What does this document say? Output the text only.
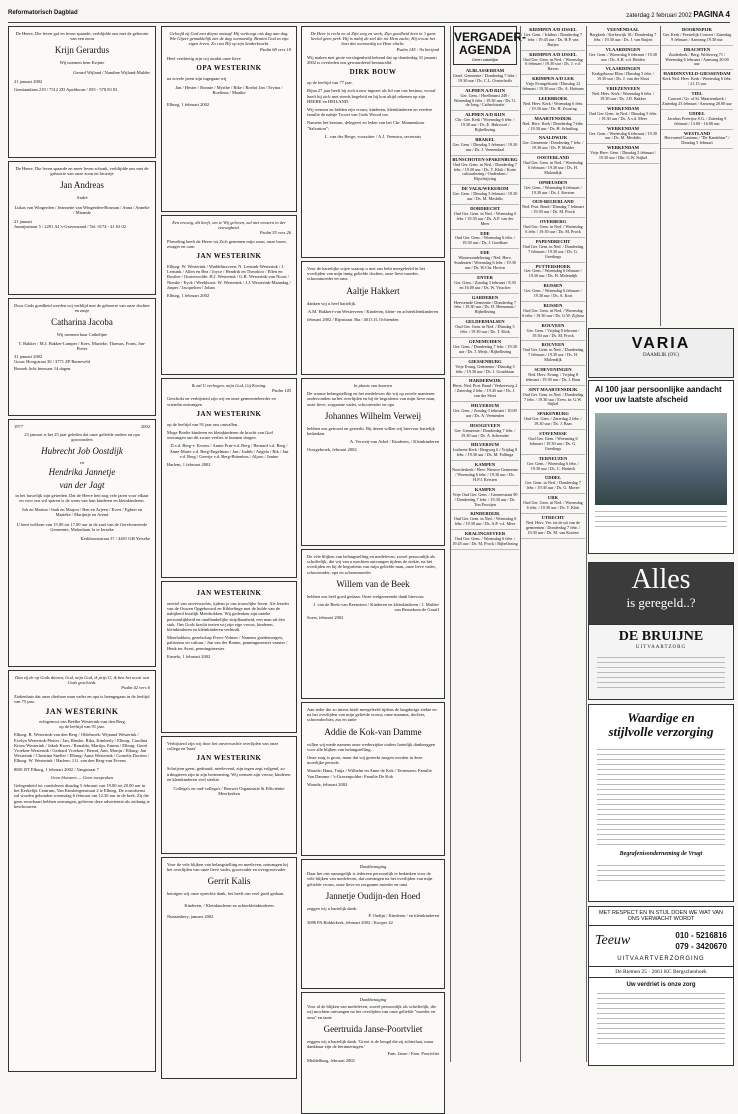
Reformatorisch Dagblad	zaterdag 2 februari 2002 PAGINA 4
De Heere, Die leven gaf en leven spaarde, verblijdde ons met de geboorte van een zoon
Krijn Gerardus
Wij noemen hem Krijnie
Gerard Wijland / Nandine Wijland-Mulder
21 januari 2002
Gentiaanlaan 219 / 7312 ZD Apeldoorn / 055 - 578 83 03
De Heere, Die leven spaarde en meer leven schonk, verblijdde ons met de geboorte van onze zoon en broertje
Jan Andreas
André
Lukas van Wingerden / Jeannette van Wingerden-Bosman / Anna / Annelie / Mirande
21 januari
Jasmijnstraat 5 / 2291 AJ 's-Gravenzand / Tel. 0174 - 41 63 02
Door Gods goedheid werden wij verblijd met de geboorte van onze dochter en zusje
Catharina Jacoba
Wij noemen haar Cathelijne
T. Bakker / M.J. Bakker-Lamper / Kees, Marieke, Thomas, Frans, Jan-Pieter
31 januari 2002
Gouw Hoogstraat 30 / 3771 ZP Barneveld
Bezoek licht bezwaar 14 dagen.
1977	2002
23 januari is het 25 jaar geleden dat onze geliefde ouders en opa grootouders
Hubrecht Job Oostdijk
en
Hendrika Jannetje
van der Jagt
in het huwelijk zijn getreden. Dat de Heere hen nog vele jaren voor elkaar en voor ons wil sparen is de wens van hun kinderen en kleinkinderen.
Joh en Marina / Inab en Marjon / Ben en Arjeen / Evert / Egbert en Marieke / Marijntje en Arend
U bent welkom van 15.00 tot 17.00 uur in de zaal van de Gereformeerde Gemeente, Molenlaan 1a te Ierseke
Kerkbooststraat 37 / 4401 GH Yerseke
Dan zij de op Gods dienen, God, mijn God, ik prijs U, ik ben het nooit wat Gods geschiedt.
Psalm 42 vers 6
Ziekenhuis dat onze dierbare man vader en opa is heengegaan in de leeftijd van 75 jaar.
JAN WESTERINK
echtgenoot van Beelke Westerink-van den Berg
op de leeftijd van 91 jaar.
Elburg: B. Westerink-van den Berg / Oldebroek: Wijnand Westerink / Evelyn Westerink-Pleiter / Jan, Rinske, Rika, Kimberly / Elburg: Carolina Kroes-Westerink / Jakob Kroes / Ronaldo, Martijn, Emma / Elburg: Gerrit Vroeken-Westerink / Gerhard Vroeken / Bernd, Ann, Marijn / Elburg: Jan Westerink / Christina Sneller / Elburg: Anna Westerink / Cornelis Dorrien / Elburg: W. Westerink / Harlem: J.G. van den Berg-van Ervens
8081 BT Elburg, 1 februari 2002 / Vangstraat 7
Geen bloemen — Geen toespraken
Gelegenheid tot condoleren dinsdag 5 februari van 19.00 tot 20.00 uur in het Kerkelijk Centrum, Van Kinsbergenstraat 2 te Elburg. De rouwdienst zal worden gehouden woensdag 6 februari om 12.30 uur in de kerk. Zij die geen rouwkaart hebben ontvangen, gelieven deze advertentie als zodanig te beschouwen.
Geloofd zij God met diepst ontzag! Hij verhoogt ons dag aan dag. Wie Gijzer gemakkelijk ziet de dag ootmoedig. Bemint God zo zijn eigen leven. Zo rust Hij op zijn kinderkracht.
Psalm 68 vers 10
Heel verdrietig zijn wij omdat onze lieve
OPA WESTERINK
na zovele jaren zijn ingegaan wij
Jan / Hester / Ronnie / Myrthe / Rike / Roelof Jan / Ervina / Roeliena / Maaike
Elburg, 1 februari 2002
Een eeuwig, dit heeft, om te Wij geloven, zal met eeuwen in der eeuwigheid.
Psalm 55 vers 26
Plotseling heeft de Heere tot Zich genomen mijn zoon, onze broer, zwager en oom
JAN WESTERINK
Elburg: W. Westerink / Wadddinxveen: N. Lensink-Westerink / J. Lensink / Allen en Bea / Joyce / Hendrik en Theodoor / Ellen en Rosilee / Oosterwolde: H.J. Westerink / G.B. Westerink-van Noort / Nienke / Eyck / Weekhorst: W. Westerink / J.J. Westerink-Maandag / Jasper / Jacquelien / Johan
Elburg, 1 februari 2002
Ik zal U verhogen, mijn God, Gij Koning.
Psalm 145
Geschokt en verbijsterd zijn wij en onze gemeenteleerder en vriendin ontvangen
JAN WESTERINK
op de leeftijd van 91 jaar ons ontvallen.
Moge Boelie kinderen en kleinkinderen de kracht van God ontvangen om dit zware verlies te kunnen dragen.
D.v.d. Berg-v. Ervens / Annie Prin-v.d. Berg / Bernard v.d. Berg / Anne-Marie v.d. Berg-Engelman / Jan / Judith / Angela / Rik / Jan v.d. Berg / Geertje v.d. Berg-Bittenbos / Aljaro / Janine
Harlem, 1 februari 2002
JAN WESTERINK
ontviel ons onverwachts, tijdens je ons trouwlijke leven. Als leerder van de Ouwen Opgebouwd en Kibbelinge met de hulde van de nabijheid kwalijk Meerhokken. Wij gedenken zijn unieke persoonlijkheid en onafhankelijke strijdbaarheid, een man uit één stuk. Ons Gods kracht tezien wij zijn eige vrouw, kinderen, kleinkinderen en kleinkinderen verbindt.
Meerhokken, gezelschap Frevo-Volmer / Namens goedemorgen, palisterus en cultuur / Jan van der Ronne, penningmeester vaaster / Henk ter Avest, penningmeester
Ermelo, 1 februari 2002
Verbijsterd zijn wij door het onverwachte overlijden van onze collega en 'baas'
JAN WESTERINK
Schrijven geest, gedraaid, meelevend, zijn tegen zegt volgend, zo tribugieren zijn in zijn herinnering. Wij wensen zijn vrouw, kinderen en kleinkinderen veel sterkte.
Collega's en oud-collega's / Bouwer Organisatie & Efficiëntie Meerkerken
Voor de vele blijken van belangstelling en meeleven, ontvangen bij het overlijden van onze lieve vader, grootvader en overgrootvader
Gerrit Kalis
betuigen wij onze oprechte dank, het heeft ons veel goed gedaan.
Kinderen, / Kleinkinderen en achterkleinkinderen
Nunsanbery, januari 2002
De Heer is recht en al Zijn weg en werk, Zijn goedheid kent in 't gans heelal geen perk. Hij is nabij de ziel die tot Hem zucht; Hij troost het hart dat ootmoedig tot Hem vlucht.
Psalm 145 : 9a berijmd
Wij maken met grote verslagenheid bekend dat op donderdag 31 januari 2002 is overleden ons gewaardeerd bestuurslid
DIRK BOUW
op de leeftijd van 77 jaar.
Bijna 27 jaar heeft hij zich trouw ingezet als lid van ons bestuur, vooral heeft hij zich met steeds begeleid en hij kon altijd rekenen op zijn HEERE en HEILAND.
Wij wensen en bidden zijn vrouw, kinderen, kleinkinderen en verdere familie de nabije Troost van Gods Woord toe.
Namens het bestuur, delegeert en leden van het Chr. Mannenkoor "Salvation":
L. van der Berge, voorzitter / A.J. Veenstra, secretaris
Voor de hartelijke wijze waarop u met ons hebt meegeleefd in het overlijden van mijn innig geliefde dochter, onze lieve moeder, schoonmoeder en oma
Aaltje Hakkert
danken wij u heel hartelijk.
A.M. Hakkert-van Westerveen / Kinderen, klein- en achterkleinkinderen
februari 2002 / Rijnstraat 36a / 4013 JL Ochtenden
In plaats van kaarten
De warme belangstelling en het medeleven die wij op zovele manieren ondervonden na het overlijden en bij de begrafenis van mijn lieve man, onze lieve, zorgzame vader, schoonvader en opa
Johannes Wilhelm Verweij
hebben ons getroost en gesterkt. Bij dezen willen wij hiervoor hartelijk bedanken.
A. Verweij-van Arkel / Kinderen, / Kleinkinderen
Oostgebroek, februari 2002
De vele blijken van belangstelling en medeleven, zowel persoonlijk als schriftelijk, die wij van u mochten ontvangen tijdens de ziekte, na het overlijden en bij de begrafenis van mijn geliefde man, onze lieve vader, schoonvader, opa en schoonmoeder
Willem van de Beek
hebben ons heel goed gedaan. Onze welgemeende dank hiervoor.
J. van de Beek-van Reenstern / Kinderen en kleinkinderen / J. Mulder van Beusekom de Graaff
Soest, februari 2002
Aan ieder die zo intens heeft meegeleefd tijdens de langdurige ziekte en na het overlijden van mijn geliefde vrouw, onze mamma, dochter, schoondochter, zus en tante
Addie de Kok-van Damme
willen wij mede namens onze wederzijdse ouders hartelijk dankzeggen voor alle blijken van belangstelling.
Onze zorg is groot, maar dat wij gesterkt mogen worden in deze moeilijke periode.
Waarde: Hans, Tanja / Wilhelm en Anne de Kok / Terneuzen: Familie Van Damme / 's-Gravenpolder: Familie De Kok
Waarde, februari 2002
Dankbetuiging
Daar het ons onmogelijk is iedereen persoonlijk te bedanken voor de vele blijken van medeleven, dat ontvangen na het overlijden van mijn geliefde vrouw, onze lieve en zorgzame moeder en oma
Jannetje Oudijn-den Hoed
zeggen wij u hartelijk dank.
P. Oudijn / Kinderen / en kleinkinderen
3086 PA Ridderkerk, februari 2002 / Kooper 42
Dankbetuiging
Voor al de blijken van medeleven, zowel persoonlijk als schriftelijk, die wij mochten ontvangen na het overlijden van onze geliefde "moeder en oma" en tante
Geertruida Janse-Poortvliet
zeggen wij u hartelijk dank. 'Groot is de heugd die zij achterlaat, maar dankbaar zijn de herinneringen.'
Fam. Janse / Fam. Poortvliet
Middelburg, februari 2002
VERGADER-AGENDA
Geen zakelijke
ALBLASSERDAM
Geref. Gemeente / Donderdag 7 febr. / 19.30 uur / Ds. C.L. Oosterhoffs
ALPHEN A/D RIJN
Ger. Gem. / Hoefbrunst 249 / Woensdag 6 febr. / 19.30 uur / Ds. G. de Jong / Cathechisatie
ALPHEN A/D RIJN
Chr. Ger. Kerk / Woensdag 6 febr. / 19.30 uur / Ds. E. Hakvoort / Bijbellezing
BRAKEL
Ger. Gem. / Dinsdag 5 februari / 19.30 uur / Ds. J. Veenendaal
BUNSCHOTEN-SPAKENBURG
Oud Ger. Gem. in Ned. / Donderdag 7 febr. / 19.30 uur / Ds. T. Klok / Korte cultuurlezing / Ouderdom / Rijschrijving
DE VALK/WEKEROM
Ger. Gem. / Dinsdag 5 februari / 19.30 uur / Ds. M. Mesbilis
DORDRECHT
Oud Ger. Gem. in Ned. / Woensdag 6 febr. / 19.30 uur / Ds. A.P. van der Meer
EDE
Oud Ger. Gem. / Woensdag 6 febr. / 19.30 uur / Ds. J. Goedhart
EDE
Winterzondelezing / Ned. Herv. Studenten / Woensdag 6 febr. / 19.30 uur / Ds. W.Chr. Hovius
ENTER
Ger. Gem. / Zondag 3 februari / 8.30 en 16.00 uur / Ds. W. Visscher
GARDEREN
Hervormde Gemeente / Donderdag 7 febr. / 19.30 uur / Ds. D. Hermanus / Bijbellezing
GELDERMALSEN
Oud Ger. Gem. in Ned. / Dinsdag 5 febr. / 19.30 uur / Ds. T. Klok
GENEMUIDEN
Ger. Gem. / Donderdag 7 febr. / 19.30 uur / Ds. J. Meijs / Bijbellezing
GIESSENBURG
Vrije Evang. Gemeente / Dinsdag 5 febr. / 19.30 uur / Ds. J. Goudriaan
HARDERWIJK
Herst. Ned. Prot. Bond / Verkeerweg 2 / Zaterdag 2 febr. / 19.45 uur / Ds. J. van der Sloot
HILVERSUM
Ger. Gem. / Zondag 3 februari / 10.00 uur / Ds. A. Vermeulen
HOOGEVEEN
Ger. Gemeente / Donderdag 7 febr. / 19.30 uur / Ds. A. Schreuder
HILVERSUM
Lutherse Kerk / Bergweg 6 / Vrijdag 8 febr. / 19.30 uur / Ds. M. Fallinga
KAMPEN
Noorderkerk / Herv. Nieuwe Gemeente / Woensdag 6 febr. / 19.30 uur / Ds. H.P.J. Kersten
KAMPEN
Vrije Oud Ger. Gem. / Groenestraat 90 / Donderdag 7 febr. / 19.30 uur / Ds. Ton Prooijen
KINDERDIJK
Oud Ger. Gem. in Ned. / Woensdag 6 febr. / 19.30 uur / Ds. A.P. v.d. Meer
KRALINGSEVEER
Oud Ger. Gem. / Woensdag 6 febr. / 19.45 uur / Ds. M. Prock / Bijbellezing
KRIMPEN A/D IJSSEL
Ger. Gem. / Ichthus / Donderdag 7 febr. / 19.45 uur / Ds. H.P. van Ruijen
KRIMPEN A/D IJSSEL
Oud Ger. Gem. in Ned. / Woensdag 6 februari / 19.30 uur / Ds. J. v.d. Haven
KRIMPEN A/D LEK
Vrije Evangelisatie / Dinsdag 12 februari / 19.30 uur / Ds. A. Hofman
LEERBROEK
Ned. Herv. Kerk / Woensdag 6 febr. / 19.30 uur / Ds. H. Zwaring
MAARTENSDIJK
Ned. Herv. Kerk / Donderdag 7 febr. / 19.30 uur / Ds. H. Schuiling
NAALDWIJK
Ger. Gemeente / Donderdag 7 febr. / 19.30 uur / Ds. P. Mulder
OOSTERLAND
Oud Ger. Gem. in Ned. / Woensdag 6 februari / 19.30 uur / Ds. H. Molendijk
OPHEUSDEN
Ger. Gem. / Woensdag 6 februari / 19.30 uur / Ds. J. Kersten
OUD-BEIJERLAND
Ned. Prot. Bond / Dinsdag 7 februari / 19.30 uur / Ds. M. Prock
OVERBERG
Oud Ger. Gem. in Ned. / Woensdag 6 febr. / 19.30 uur / Ds. M. Prock
PAPENDRECHT
Oud Ger. Gem. in Ned. / Donderdag 7 februari / 19.30 uur / Ds. G. Geerlings
PUTTERSHOEK
Ger. Gem. / Woensdag 6 februari / 19.30 uur / Ds. H. Molendijk
RIJSSEN
Ger. Gem. / Woensdag 6 februari / 19.30 uur / Ds. A. Kort
RIJSSEN
Oud Ger. Gem. in Ned. / Woensdag 6 febr. / 19.30 uur / Ds. G.W. Zijlstra
ROUVEEN
Ger. Gem. / Vrijdag 8 februari / 19.30 uur / Ds. M. Prock
ROUVEEN
Oud Ger. Gem. in Ned. / Donderdag 7 februari / 19.30 uur / Ds. H. Molendijk
SCHEVENINGEN
Ned. Herv. Evang. / Vrijdag 8 februari / 19.30 uur / Ds. J. Baas
SINT MAARTENSDIJK
Oud Ger. Gem. in Ned. / Donderdag 7 febr. / 19.30 uur / Eerw. hr. G.W. Stijkel
SPAKENBURG
Oud Ger. Gem. / Zaterdag 2 febr. / 19.30 uur / Ds. J. Baas
STAVENISSE
Oud Ger. Gem. / Woensdag 6 februari / 19.30 uur / Ds. G. Geerlings
TERNEUZEN
Ger. Gem. / Woensdag 6 febr. / 19.30 uur / Ds. C. Harinck
UDDEL
Ger. Gem. in Ned. / Donderdag 7 febr. / 19.30 uur / Ds. G. Moree
URK
Oud Ger. Gem. in Ned. / Woensdag 6 febr. / 19.30 uur / Ds. T. Klok
UTRECHT
Ned. Herv. Ver. tot de uit van de gemeenten / Donderdag 7 febr. / 19.30 uur / Ds. M. van Kooten
VEENENDAAL
Bergkerk / Kerkewijk 18 / Donderdag 7 febr. / 19.30 uur / Ds. J. van Ruijen
VLAARDINGEN
Ger. Gem. / Woensdag 6 februari / 19.30 uur / Ds. A.B. v.d. Heiden
VLAARDINGEN
Kerkgebouw Elim / Dinsdag 5 febr. / 19.30 uur / Ds. J. van der Sloot
VRIEZENVEEN
Ned. Herv. Kerk / Woensdag 6 febr. / 19.30 uur / Ds. J.D. Bakker
WERKENDAM
Oud Ger. Gem. in Ned. / Dinsdag 5 febr. / 19.30 uur / Ds. A.v.d. Meer
WERKENDAM
Ger. Gem. / Woensdag 6 februari / 19.30 uur / Ds. M. Mesbilis
WERKENDAM
Vrije Herv. Gem. / Dinsdag 5 februari / 19.30 uur / Dhr. G.W. Stijkel
DOORNSPIJK
Ger. Kerk / Feestelijk Concert / Zaterdag 9 februari / Aanvang 19.30 uur
DRACHTEN
Zuiderkerk / Berg. Wolteweg 71 / Woensdag 6 februari / Aanvang 20.00 uur
HARDINXVELD-GIESSENDAM
Kerk Ned. Herv. Kerk / Woensdag 6 febr. / 21.15 uur
TIEL
Concert / Gr. of St. Maartenskerk / Zaterdag 23 februari / Aanvang 20.00 uur
UDDEL
Jacobus Freerijse S.G. / Zaterdag 9 februari / 13.00 - 16.00 uur
WESTLAND
Hervormd Contrum / "De Kandelaar" / Dinsdag 5 februari
VARIA
DAAMLIK (OV.)
Al 100 jaar persoonlijke aandacht voor uw laatste afscheid
Alles
is geregeld..?
DE BRUIJNE
UITVAARTZORG
Waardige en
stijlvolle verzorging
Begrafenisonderneming de Vrugt
MET RESPECT EN IN STIJL DOEN WE WAT VAN ONS VERWACHT WORDT
Teeuw	010 - 5216816
079 - 3420670
UITVAARTVERZORGING
De Riemen 25 · 2661 KC Bergschenhoek
Uw verdriet is onze zorg
